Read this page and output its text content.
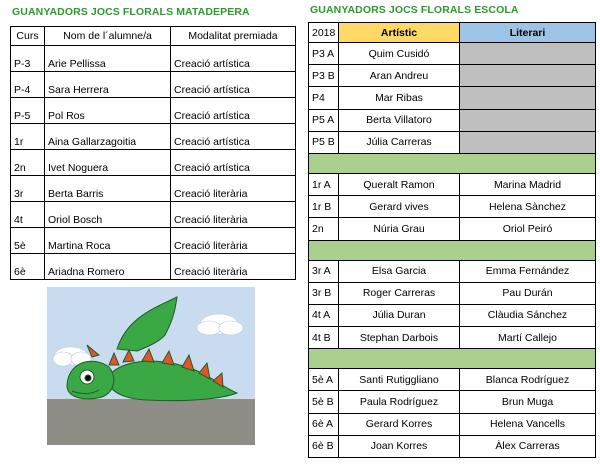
GUANYADORS JOCS FLORALS MATADEPERA
Curs	Nom de l´alumne/a	Modalitat premiada
P-3	Arie Pellissa	Creació artística
P-4	Sara Herrera	Creació artística
P-5	Pol Ros	Creació artística
1r	Aina Gallarzagoitia	Creació artística
2n	Ivet Noguera	Creació artística
3r	Berta Barris	Creació literària
4t	Oriol Bosch	Creació literària
5è	Martina Roca	Creació literària
6è	Ariadna Romero	Creació literària
GUANYADORS JOCS FLORALS ESCOLA
2018	Artístic	Literari
P3 A	Quim Cusidó	
P3 B	Aran Andreu	
P4	Mar Ribas	
P5 A	Berta Villatoro	
P5 B	Júlia Carreras	

1r A	Queralt Ramon	Marina Madrid
1r B	Gerard vives	Helena Sànchez
2n	Núria Grau	Oriol Peiró

3r A	Elsa Garcia	Emma Fernández
3r B	Roger Carreras	Pau Durán
4t A	Júlia Duran	Clàudia Sánchez
4t B	Stephan Darbois	Martí Callejo

5è A	Santi Rutiggliano	Blanca Rodríguez
5è B	Paula Rodríguez	Brun Muga
6è A	Gerard Korres	Helena Vancells
6è B	Joan Korres	Àlex Carreras
